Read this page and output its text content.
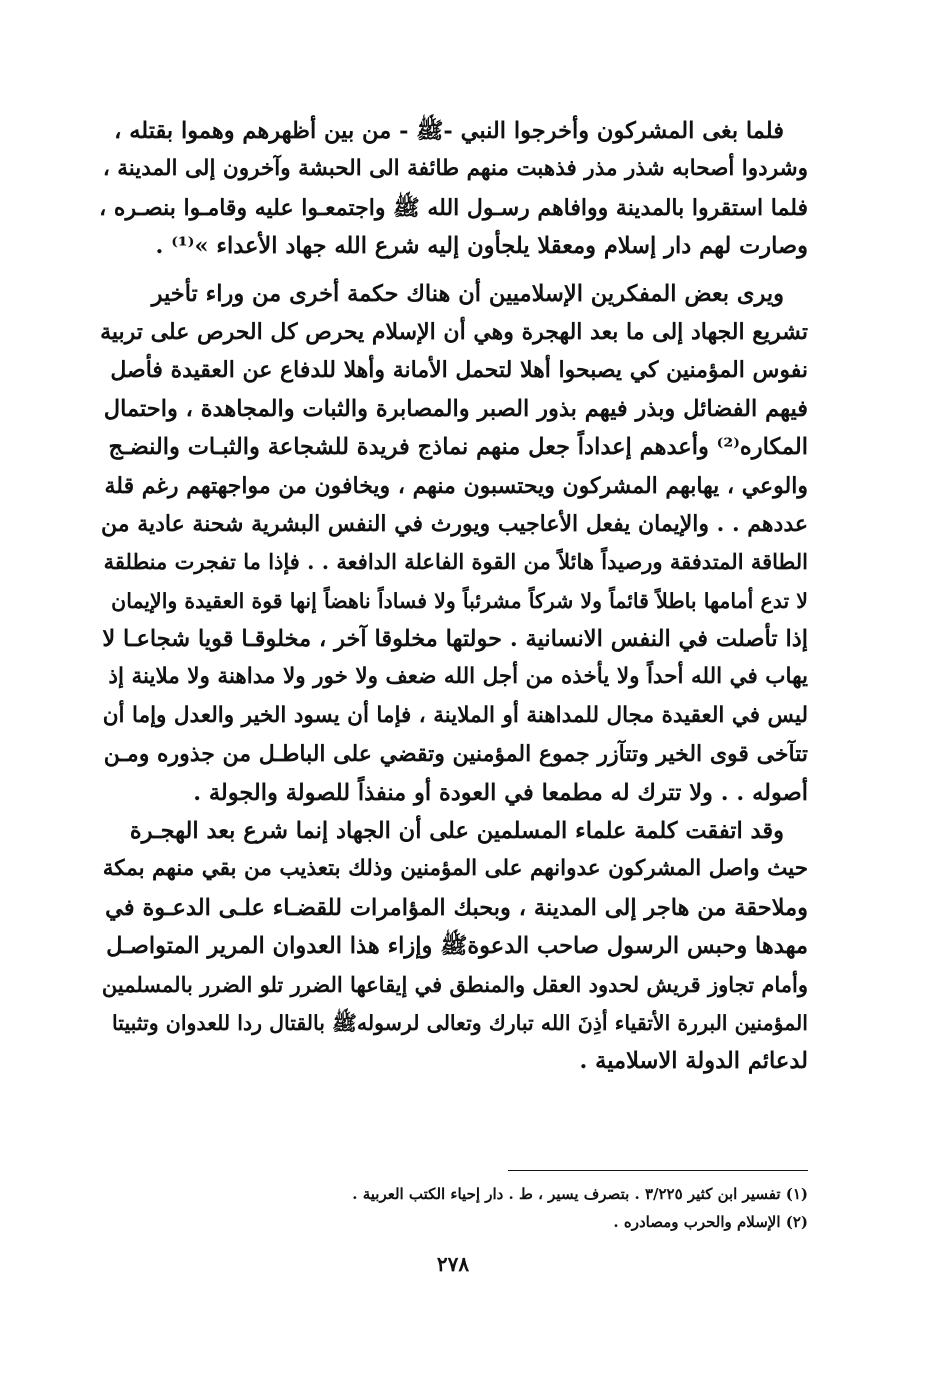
فلما بغى المشركون وأخرجوا النبي -ﷺ - من بين أظهرهم وهموا بقتله ،
وشردوا أصحابه شذر مذر فذهبت منهم طائفة الى الحبشة وآخرون إلى المدينة ،
فلما استقروا بالمدينة ووافاهم رسـول الله ﷺ واجتمعـوا عليه وقامـوا بنصـره ،
وصارت لهم دار إسلام ومعقلا يلجأون إليه شرع الله جهاد الأعداء »⁽¹⁾ .
ويرى بعض المفكرين الإسلاميين أن هناك حكمة أخرى من وراء تأخير
تشريع الجهاد إلى ما بعد الهجرة وهي أن الإسلام يحرص كل الحرص على تربية
نفوس المؤمنين كي يصبحوا أهلا لتحمل الأمانة وأهلا للدفاع عن العقيدة فأصل
فيهم الفضائل وبذر فيهم بذور الصبر والمصابرة والثبات والمجاهدة ، واحتمال
المكاره⁽²⁾ وأعدهم إعداداً جعل منهم نماذج فريدة للشجاعة والثبـات والنضـج
والوعي ، يهابهم المشركون ويحتسبون منهم ، ويخافون من مواجهتهم رغم قلة
عددهم . . والإيمان يفعل الأعاجيب ويورث في النفس البشرية شحنة عادية من
الطاقة المتدفقة ورصيداً هائلاً من القوة الفاعلة الدافعة . . فإذا ما تفجرت منطلقة
لا تدع أمامها باطلاً قائماً ولا شركاً مشرئباً ولا فساداً ناهضاً إنها قوة العقيدة والإيمان
إذا تأصلت في النفس الانسانية . حولتها مخلوقا آخر ، مخلوقـا قويا شجاعـا لا
يهاب في الله أحداً ولا يأخذه من أجل الله ضعف ولا خور ولا مداهنة ولا ملاينة إذ
ليس في العقيدة مجال للمداهنة أو الملاينة ، فإما أن يسود الخير والعدل وإما أن
تتآخى قوى الخير وتتآزر جموع المؤمنين وتقضي على الباطـل من جذوره ومـن
أصوله . . ولا تترك له مطمعا في العودة أو منفذاً للصولة والجولة .
وقد اتفقت كلمة علماء المسلمين على أن الجهاد إنما شرع بعد الهجـرة
حيث واصل المشركون عدوانهم على المؤمنين وذلك بتعذيب من بقي منهم بمكة
وملاحقة من هاجر إلى المدينة ، وبحبك المؤامرات للقضـاء علـى الدعـوة في
مهدها وحبس الرسول صاحب الدعوةﷺ وإزاء هذا العدوان المرير المتواصـل
وأمام تجاوز قريش لحدود العقل والمنطق في إيقاعها الضرر تلو الضرر بالمسلمين
المؤمنين البررة الأتقياء أذِنَ الله تبارك وتعالى لرسولهﷺ بالقتال ردا للعدوان وتثبيتا
لدعائم الدولة الاسلامية .
(١) تفسير ابن كثير ٣/٢٢٥ . بتصرف يسير ، ط . دار إحياء الكتب العربية .
(٢) الإسلام والحرب ومصادره .
٢٧٨
